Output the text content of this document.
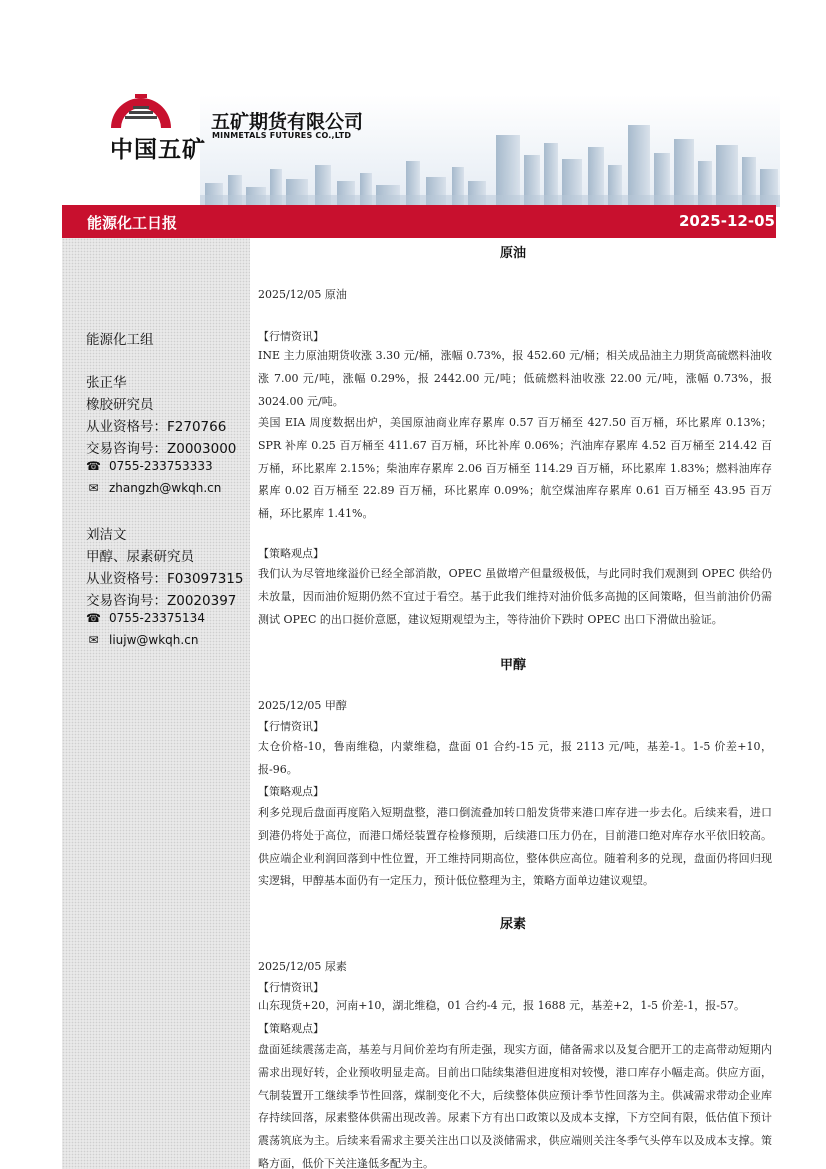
中国五矿
五矿期货有限公司
MINMETALS FUTURES CO.,LTD
能源化工日报	2025-12-05
能源化工组
张正华
橡胶研究员
从业资格号：F270766
交易咨询号：Z0003000
☎ 0755-233753333
✉ zhangzh@wkqh.cn
刘洁文
甲醇、尿素研究员
从业资格号：F03097315
交易咨询号：Z0020397
☎ 0755-23375134
✉ liujw@wkqh.cn
原油
2025/12/05 原油
【行情资讯】
INE 主力原油期货收涨 3.30 元/桶，涨幅 0.73%，报 452.60 元/桶；相关成品油主力期货高硫燃料油收涨 7.00 元/吨，涨幅 0.29%，报 2442.00 元/吨；低硫燃料油收涨 22.00 元/吨，涨幅 0.73%，报 3024.00 元/吨。
美国 EIA 周度数据出炉，美国原油商业库存累库 0.57 百万桶至 427.50 百万桶，环比累库 0.13%；SPR 补库 0.25 百万桶至 411.67 百万桶，环比补库 0.06%；汽油库存累库 4.52 百万桶至 214.42 百万桶，环比累库 2.15%；柴油库存累库 2.06 百万桶至 114.29 百万桶，环比累库 1.83%；燃料油库存累库 0.02 百万桶至 22.89 百万桶，环比累库 0.09%；航空煤油库存累库 0.61 百万桶至 43.95 百万桶，环比累库 1.41%。
【策略观点】
我们认为尽管地缘溢价已经全部消散，OPEC 虽做增产但量级极低，与此同时我们观测到 OPEC 供给仍未放量，因而油价短期仍然不宜过于看空。基于此我们维持对油价低多高抛的区间策略，但当前油价仍需测试 OPEC 的出口挺价意愿，建议短期观望为主，等待油价下跌时 OPEC 出口下滑做出验证。
甲醇
2025/12/05 甲醇
【行情资讯】
太仓价格-10，鲁南维稳，内蒙维稳，盘面 01 合约-15 元，报 2113 元/吨，基差-1。1-5 价差+10，报-96。
【策略观点】
利多兑现后盘面再度陷入短期盘整，港口倒流叠加转口船发货带来港口库存进一步去化。后续来看，进口到港仍将处于高位，而港口烯烃装置存检修预期，后续港口压力仍在，目前港口绝对库存水平依旧较高。供应端企业利润回落到中性位置，开工维持同期高位，整体供应高位。随着利多的兑现，盘面仍将回归现实逻辑，甲醇基本面仍有一定压力，预计低位整理为主，策略方面单边建议观望。
尿素
2025/12/05 尿素
【行情资讯】
山东现货+20，河南+10，湖北维稳，01 合约-4 元，报 1688 元，基差+2，1-5 价差-1，报-57。
【策略观点】
盘面延续震荡走高，基差与月间价差均有所走强，现实方面，储备需求以及复合肥开工的走高带动短期内需求出现好转，企业预收明显走高。目前出口陆续集港但进度相对较慢，港口库存小幅走高。供应方面，气制装置开工继续季节性回落，煤制变化不大，后续整体供应预计季节性回落为主。供减需求带动企业库存持续回落，尿素整体供需出现改善。尿素下方有出口政策以及成本支撑，下方空间有限，低估值下预计震荡筑底为主。后续来看需求主要关注出口以及淡储需求，供应端则关注冬季气头停车以及成本支撑。策略方面，低价下关注逢低多配为主。
